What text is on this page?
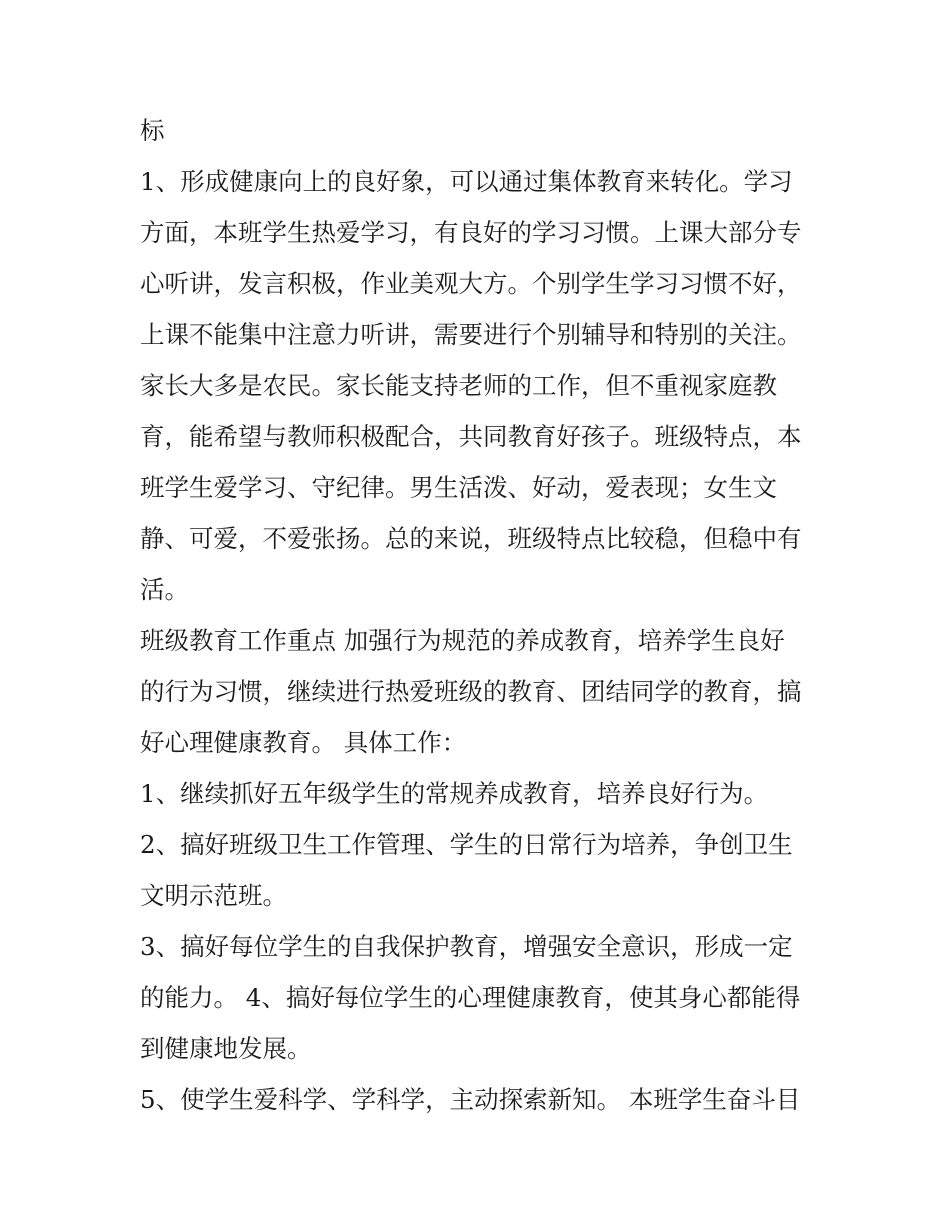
标
1、形成健康向上的良好象，可以通过集体教育来转化。学习
方面，本班学生热爱学习，有良好的学习习惯。上课大部分专
心听讲，发言积极，作业美观大方。个别学生学习习惯不好，
上课不能集中注意力听讲，需要进行个别辅导和特别的关注。
家长大多是农民。家长能支持老师的工作，但不重视家庭教
育，能希望与教师积极配合，共同教育好孩子。班级特点，本
班学生爱学习、守纪律。男生活泼、好动，爱表现；女生文
静、可爱，不爱张扬。总的来说，班级特点比较稳，但稳中有
活。
班级教育工作重点 加强行为规范的养成教育，培养学生良好
的行为习惯，继续进行热爱班级的教育、团结同学的教育，搞
好心理健康教育。 具体工作：
1、继续抓好五年级学生的常规养成教育，培养良好行为。
2、搞好班级卫生工作管理、学生的日常行为培养，争创卫生
文明示范班。
3、搞好每位学生的自我保护教育，增强安全意识，形成一定
的能力。 4、搞好每位学生的心理健康教育，使其身心都能得
到健康地发展。
5、使学生爱科学、学科学，主动探索新知。 本班学生奋斗目
